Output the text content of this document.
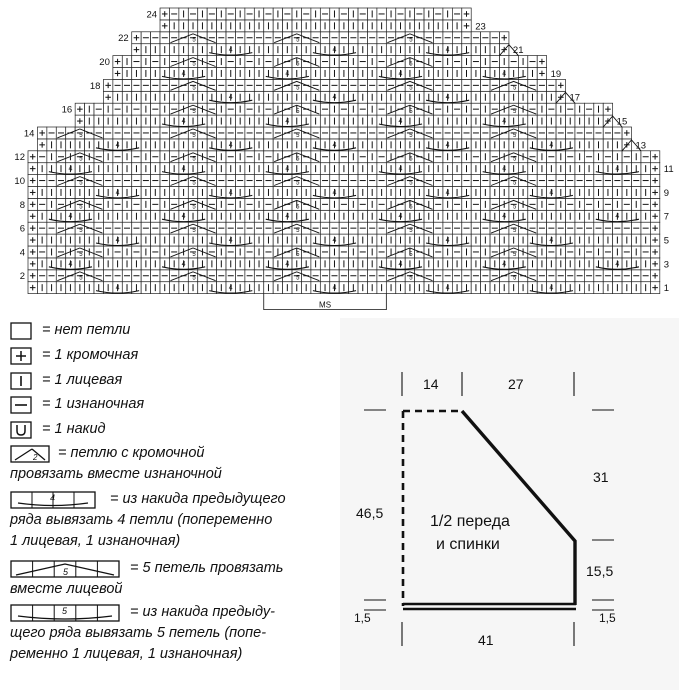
4	4	4	4	4
5	5	5	5	5
4	4	4	4	4	4
5	5	5	5	5
4	4	4	4	4
5	5	5	5	5
4	4	4	4	4	4
5	5	5	5	5
4	4	4	4	4
5	5	5	5	5
4	4	4	4	4	4
5	5	5	5	5
4	4	4	4	4
5	5	5	5	5
4	4	4	4
5	5	5	5
4	4	4
5	5	5	5
4	4	4	4
5	5	5
4	4	4
5	5	5
24
22
20
18
16
14
12
10
8
6
4
2
23
21
19
17
15
13
11
9
7
5
3
1
MS
= нет петли
= 1 кромочная
= 1 лицевая
= 1 изнаночная
= 1 накид
2 = петлю с кромочной
провязать вместе изнаночной
4	= из накида предыдущего
ряда вывязать 4 петли (попеременно
1 лицевая, 1 изнаночная)
5	= 5 петель провязать
вместе лицевой
5	= из накида предыду-
щего ряда вывязать 5 петель (попе-
ременно 1 лицевая, 1 изнаночная)
14	27
31
15,5
46,5
1,5	1,5
41
1/2 переда
и спинки
